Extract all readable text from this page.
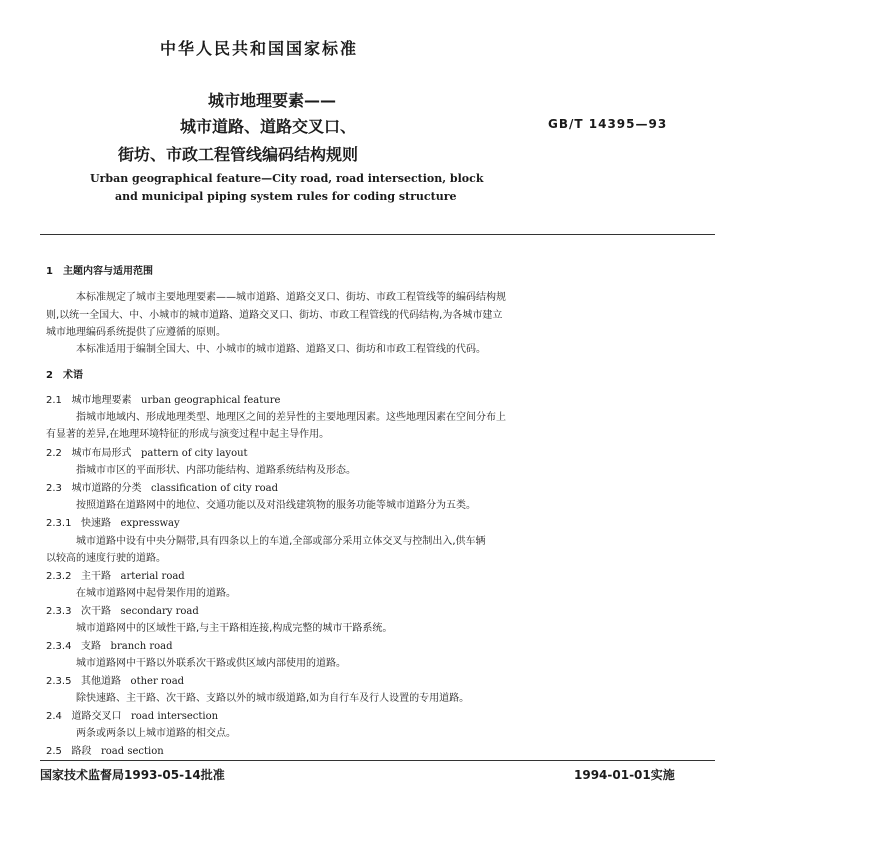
中华人民共和国国家标准
城市地理要素——
城市道路、道路交叉口、
街坊、市政工程管线编码结构规则
GB/T 14395—93
Urban geographical feature—City road, road intersection, block
and municipal piping system rules for coding structure
1　主题内容与适用范围
本标准规定了城市主要地理要素——城市道路、道路交叉口、街坊、市政工程管线等的编码结构规
则,以统一全国大、中、小城市的城市道路、道路交叉口、街坊、市政工程管线的代码结构,为各城市建立
城市地理编码系统提供了应遵循的原则。
本标准适用于编制全国大、中、小城市的城市道路、道路叉口、街坊和市政工程管线的代码。
2　术语
2.1 城市地理要素 urban geographical feature
指城市地域内、形成地理类型、地理区之间的差异性的主要地理因素。这些地理因素在空间分布上
有显著的差异,在地理环境特征的形成与演变过程中起主导作用。
2.2 城市布局形式 pattern of city layout
指城市市区的平面形状、内部功能结构、道路系统结构及形态。
2.3 城市道路的分类 classification of city road
按照道路在道路网中的地位、交通功能以及对沿线建筑物的服务功能等城市道路分为五类。
2.3.1 快速路 expressway
城市道路中设有中央分隔带,具有四条以上的车道,全部或部分采用立体交叉与控制出入,供车辆
以较高的速度行驶的道路。
2.3.2 主干路 arterial road
在城市道路网中起骨架作用的道路。
2.3.3 次干路 secondary road
城市道路网中的区域性干路,与主干路相连接,构成完整的城市干路系统。
2.3.4 支路 branch road
城市道路网中干路以外联系次干路或供区域内部使用的道路。
2.3.5 其他道路 other road
除快速路、主干路、次干路、支路以外的城市级道路,如为自行车及行人设置的专用道路。
2.4 道路交叉口 road intersection
两条或两条以上城市道路的相交点。
2.5 路段 road section
国家技术监督局1993-05-14批准	1994-01-01实施
